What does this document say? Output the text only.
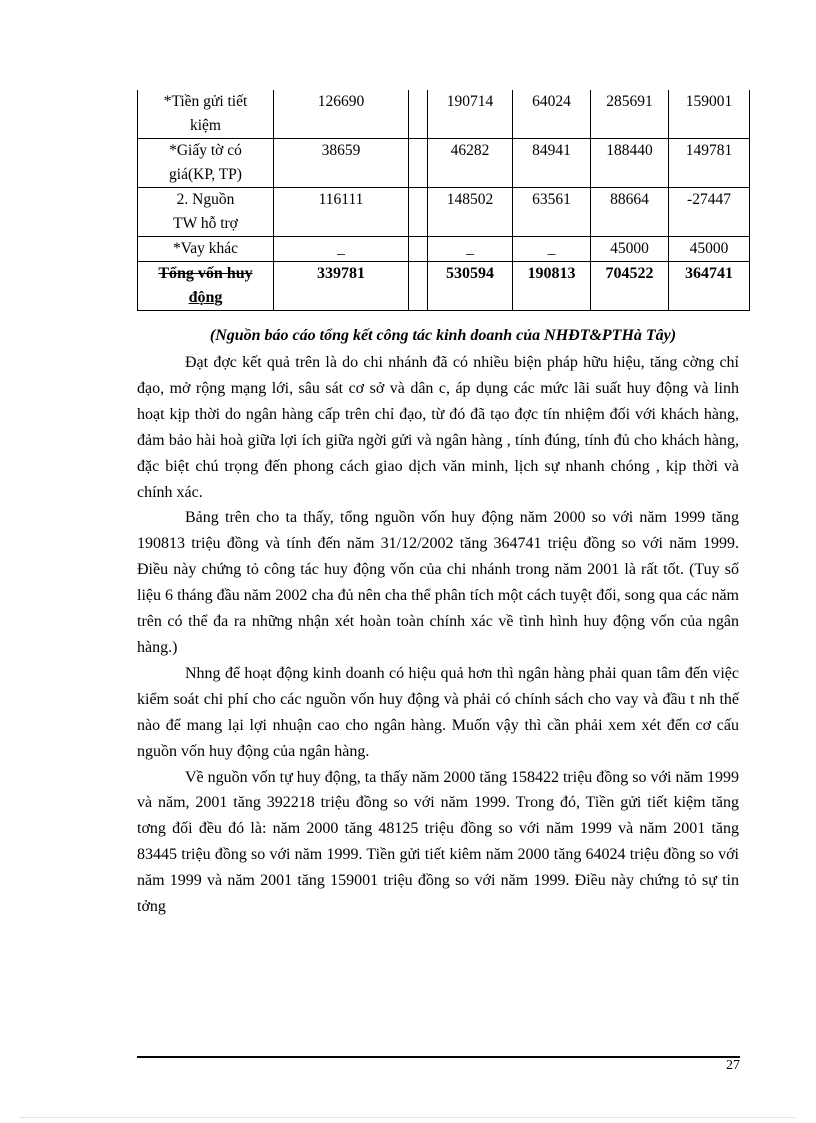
*Tiền gửi tiết
kiệm	126690		190714	64024	285691	159001
*Giấy tờ có
giá(KP, TP)	38659		46282	84941	188440	149781
2. Nguồn
TW hỗ trợ	116111		148502	63561	88664	-27447
*Vay khác	_		_	_	45000	45000
Tổng vốn huy
động	339781		530594	190813	704522	364741
(Nguồn báo cáo tổng kết công tác kinh doanh của NHĐT&PTHà Tây)

Đạt đợc kết quả trên là do chi nhánh đã có nhiều biện pháp hữu hiệu, tăng cờng chỉ đạo, mở rộng mạng lới, sâu sát cơ sở và dân c, áp dụng các mức lãi suất huy động và linh hoạt kịp thời do ngân hàng cấp trên chỉ đạo, từ đó đã tạo đợc tín nhiệm đối với khách hàng, đảm bảo hài hoà giữa lợi ích giữa ngời gửi và ngân hàng , tính đúng, tính đủ cho khách hàng, đặc biệt chú trọng đến phong cách giao dịch văn minh, lịch sự nhanh chóng , kịp thời và chính xác.

Bảng trên cho ta thấy, tổng nguồn vốn huy động năm 2000 so với năm 1999 tăng 190813 triệu đồng và tính đến năm 31/12/2002 tăng 364741 triệu đồng so với năm 1999. Điều này chứng tỏ công tác huy động vốn của chi nhánh trong năm 2001 là rất tốt. (Tuy số liệu 6 tháng đầu năm 2002 cha đủ nên cha thể phân tích một cách tuyệt đối, song qua các năm trên có thể đa ra những nhận xét hoàn toàn chính xác về tình hình huy động vốn của ngân hàng.)

Nhng để hoạt động kinh doanh có hiệu quả hơn thì ngân hàng phải quan tâm đến việc kiểm soát chi phí cho các nguồn vốn huy động và phải có chính sách cho vay và đầu t nh thế nào để mang lại lợi nhuận cao cho ngân hàng. Muốn vậy thì cần phải xem xét đến cơ cấu nguồn vốn huy động của ngân hàng.

Về nguồn vốn tự huy động, ta thấy năm 2000 tăng 158422 triệu đồng so với năm 1999 và năm, 2001 tăng 392218 triệu đồng so với năm 1999. Trong đó, Tiền gửi tiết kiệm tăng tơng đối đều đó là: năm 2000 tăng 48125 triệu đồng so với năm 1999 và năm 2001 tăng 83445 triệu đồng so với năm 1999. Tiền gửi tiết kiêm năm 2000 tăng 64024 triệu đồng so với năm 1999 và năm 2001 tăng 159001 triệu đồng so với năm 1999. Điều này chứng tỏ sự tin tởng

27
